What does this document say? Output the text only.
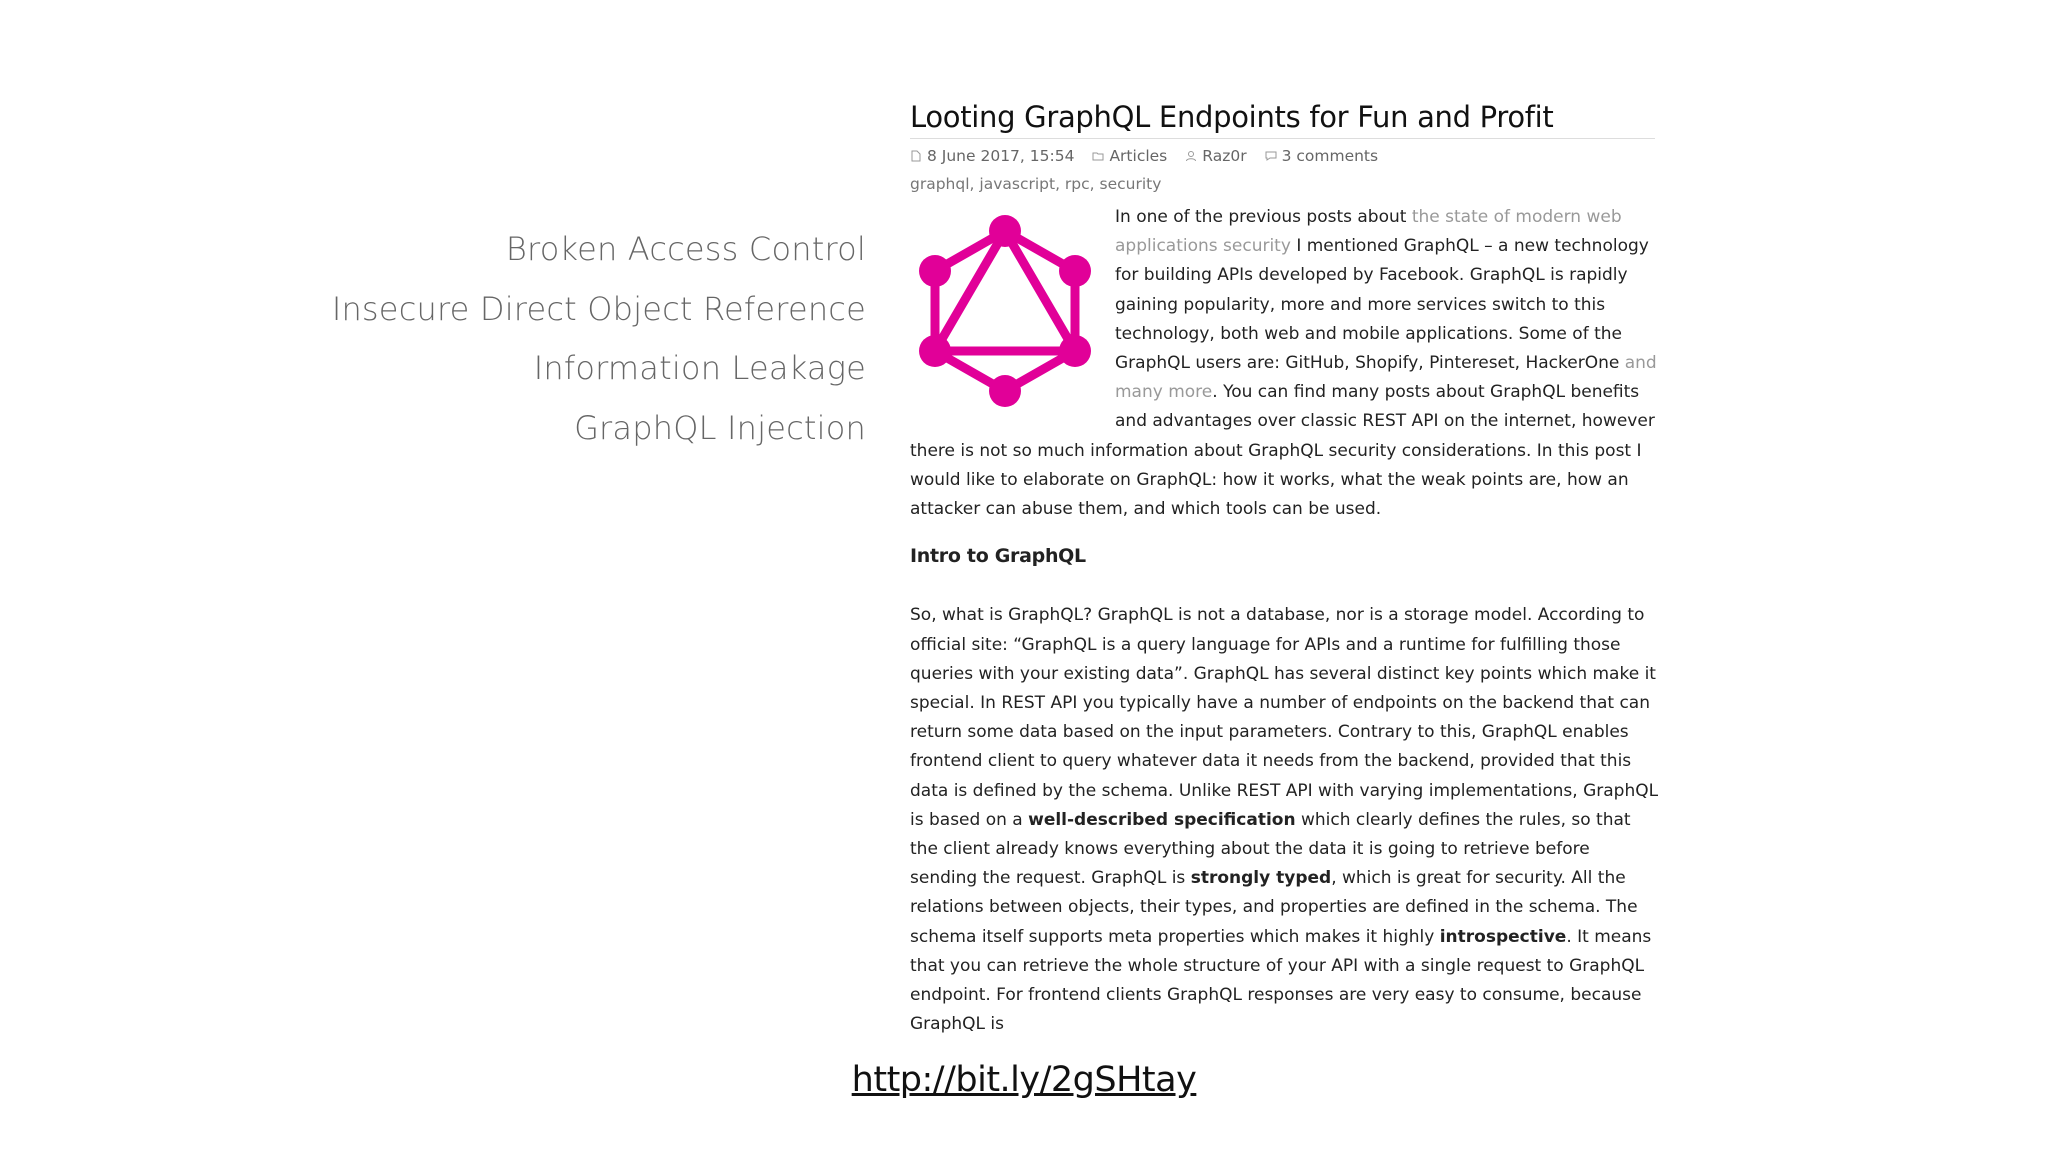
Broken Access Control
Insecure Direct Object Reference
Information Leakage
GraphQL Injection
Looting GraphQL Endpoints for Fun and Profit
8 June 2017, 15:54 Articles Raz0r 3 comments
graphql, javascript, rpc, security

In one of the previous posts about the state of modern web applications security I mentioned GraphQL – a new technology for building APIs developed by Facebook. GraphQL is rapidly gaining popularity, more and more services switch to this technology, both web and mobile applications. Some of the GraphQL users are: GitHub, Shopify, Pintereset, HackerOne and many more. You can find many posts about GraphQL benefits and advantages over classic REST API on the internet, however there is not so much information about GraphQL security considerations. In this post I would like to elaborate on GraphQL: how it works, what the weak points are, how an attacker can abuse them, and which tools can be used.

Intro to GraphQL

So, what is GraphQL? GraphQL is not a database, nor is a storage model. According to official site: “GraphQL is a query language for APIs and a runtime for fulfilling those queries with your existing data”. GraphQL has several distinct key points which make it special. In REST API you typically have a number of endpoints on the backend that can return some data based on the input parameters. Contrary to this, GraphQL enables frontend client to query whatever data it needs from the backend, provided that this data is defined by the schema. Unlike REST API with varying implementations, GraphQL is based on a well-described specification which clearly defines the rules, so that the client already knows everything about the data it is going to retrieve before sending the request. GraphQL is strongly typed, which is great for security. All the relations between objects, their types, and properties are defined in the schema. The schema itself supports meta properties which makes it highly introspective. It means that you can retrieve the whole structure of your API with a single request to GraphQL endpoint. For frontend clients GraphQL responses are very easy to consume, because GraphQL is

http://bit.ly/2gSHtay
